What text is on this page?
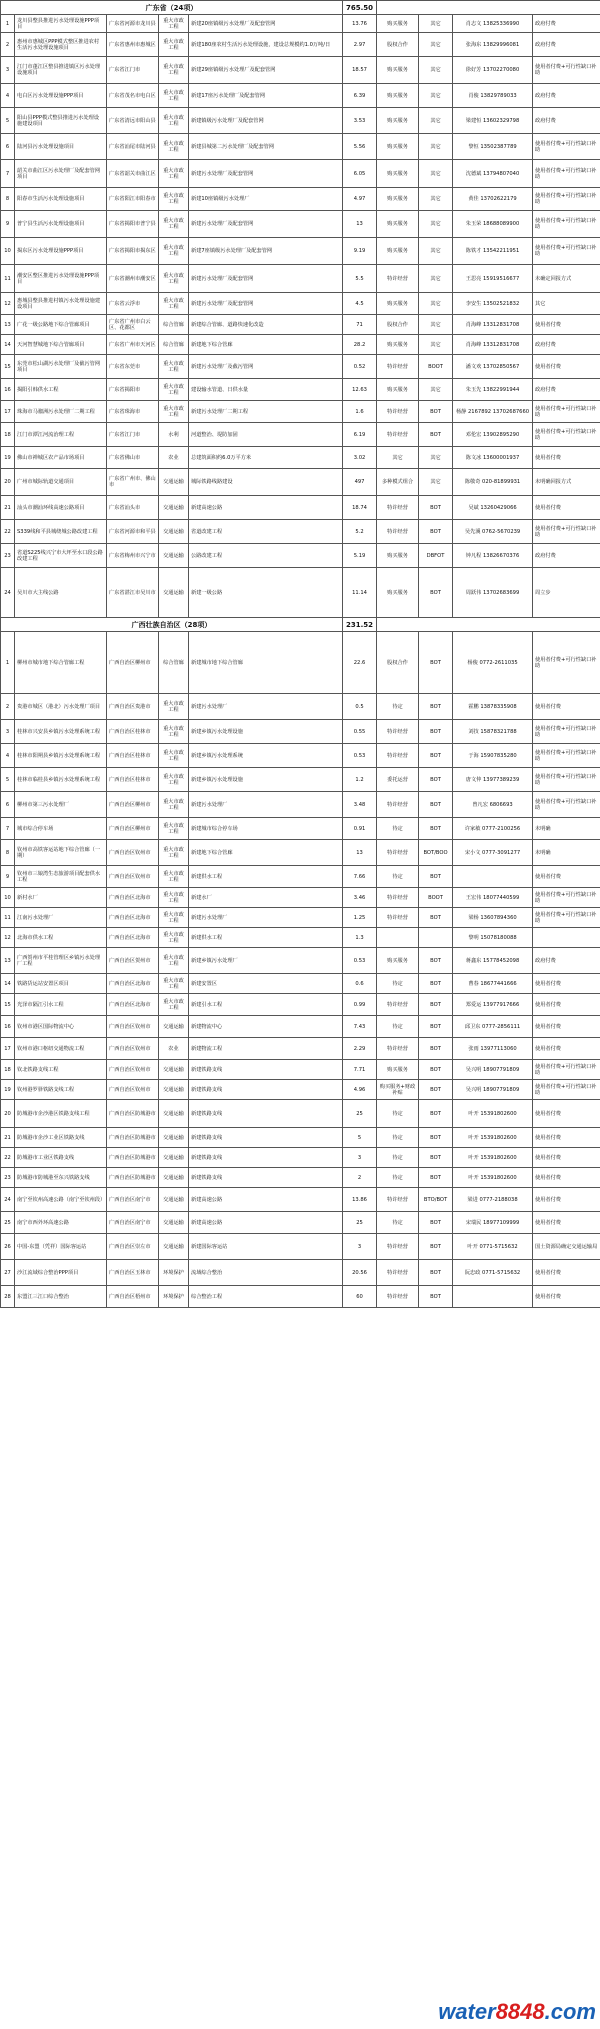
广东省（24项）					765.50				
1	龙川县整县推进污水处理设施PPP项目	广东省河源市龙川县	重大市政工程	新建20座镇级污水处理厂及配套管网	13.76	购买服务	其它	肖志文 13825336990	政府付费
2	惠州市惠城区PPP模式整区推进农村生活污水处理设施项目	广东省惠州市惠城区	重大市政工程	新建180座农村生活污水处理设施，建设总规模约1.0万吨/日	2.97	股权合作	其它	张海东 13829996081	政府付费
3	江门市蓬江区整县推进镇区污水处理设施项目	广东省江门市	重大市政工程	新建29座镇级污水处理厂及配套管网	18.57	购买服务	其它	徐好芳 13702270080	使用者付费+可行性缺口补助
4	电白区污水处理设施PPP项目	广东省茂名市电白区	重大市政工程	新建17座污水处理厂及配套管网	6.39	购买服务	其它	肖俊 13829789033	政府付费
5	阳山县PPP模式整县推进污水处理设施建设项目	广东省清远市阳山县	重大市政工程	新建镇级污水处理厂及配套管网	3.53	购买服务	其它	梁建恒 13602329798	政府付费
6	陆河县污水处理设施项目	广东省汕尾市陆河县	重大市政工程	新建县城第二污水处理厂及配套管网	5.56	购买服务	其它	黎恒 13502387789	使用者付费+可行性缺口补助
7	韶关市曲江区污水处理厂及配套管网项目	广东省韶关市曲江区	重大市政工程	新建污水处理厂及配套管网	6.05	购买服务	其它	沈德斌 13794807040	使用者付费+可行性缺口补助
8	阳春市生活污水处理设施项目	广东省阳江市阳春市	重大市政工程	新建10座镇级污水处理厂	4.97	购买服务	其它	黄佳 13702622179	使用者付费+可行性缺口补助
9	普宁县生活污水处理设施项目	广东省揭阳市普宁县	重大市政工程	新建污水处理厂及配套管网	13	购买服务	其它	朱玉荣 18688089900	使用者付费+可行性缺口补助
10	揭东区污水处理设施PPP项目	广东省揭阳市揭东区	重大市政工程	新建7座镇级污水处理厂及配套管网	9.19	购买服务	其它	陈铁才 13542211951	使用者付费+可行性缺口补助
11	潮安区整区推进污水处理设施PPP项目	广东省潮州市潮安区	重大市政工程	新建污水处理厂及配套管网	5.5	特许经营	其它	王思亮 15919516677	未确定回报方式
12	惠城县整县推进村镇污水处理设施建设项目	广东省云浮市	重大市政工程	新建污水处理厂及配套管网	4.5	购买服务	其它	李安生 13502521832	其它
13	广花一级公路地下综合管廊项目	广东省广州市白云区、花都区	综合管廊	新建综合管廊、道路快速化改造	71	股权合作	其它	肖海峰 13312831708	使用者付费
14	天河智慧城地下综合管廊项目	广东省广州市天河区	综合管廊	新建地下综合管廊	28.2	购买服务	其它	肖海峰 13312831708	政府付费
15	东莞市松山湖污水处理厂及截污管网项目	广东省东莞市	重大市政工程	新建污水处理厂及截污管网	0.52	特许经营	BOOT	潘文欢 13702850567	使用者付费
16	揭阳引韩供水工程	广东省揭阳市	重大市政工程	建设输水管道、日供水量	12.63	购买服务	其它	朱玉先 13822991944	政府付费
17	珠海市马骝洲污水处理厂二期工程	广东省珠海市	重大市政工程	新建污水处理厂二期工程	1.6	特许经营	BOT	杨静 2167892 13702687660	使用者付费+可行性缺口补助
18	江门市潭江河流治理工程	广东省江门市	水利	河道整治、堤防加固	6.19	特许经营	BOT	邓伦宏 13902895290	使用者付费+可行性缺口补助
19	佛山市禅城区农产品市场项目	广东省佛山市	农业	总建筑面积约6.0万平方米	3.02	其它	其它	陈文冰 13600001937	使用者付费
20	广州市城际轨道交通项目	广东省广州市、佛山市	交通运输	城际铁路线路建设	497	多种模式组合	其它	陈敬奇 020-81899931	未明确回报方式
21	汕头市潮汕环线高速公路项目	广东省汕头市	交通运输	新建高速公路	18.74	特许经营	BOT	吴斌 13260429066	使用者付费
22	S339线和平县城绕城公路改建工程	广东省河源市和平县	交通运输	省道改建工程	5.2	特许经营	BOT	吴先溪 0762-5670239	使用者付费+可行性缺口补助
23	省道S225线兴宁市大坪至水口段公路改建工程	广东省梅州市兴宁市	交通运输	公路改建工程	5.19	购买服务	DBFOT	钟凡程 13826670376	政府付费
24	吴川市大主线公路	广东省湛江市吴川市	交通运输	新建一级公路	11.14	购买服务	BOT	周跃伟 13702683699	周立步
广西壮族自治区（28项）					231.52				
1	柳州市城市地下综合管廊工程	广西自治区柳州市	综合管廊	新建城市地下综合管廊	22.6	股权合作	BOT	杨俊 0772-2611035	使用者付费+可行性缺口补助
2	贵港市城区（港北）污水处理厂项目	广西自治区贵港市	重大市政工程	新建污水处理厂	0.5	待定	BOT	霍鹏 13878335908	使用者付费
3	桂林市兴安县乡镇污水处理系统工程	广西自治区桂林市	重大市政工程	新建乡镇污水处理设施	0.55	特许经营	BOT	刘技 15878321788	使用者付费+可行性缺口补助
4	桂林市阳朔县乡镇污水处理系统工程	广西自治区桂林市	重大市政工程	新建乡镇污水处理系统	0.53	特许经营	BOT	于海 15907835280	使用者付费+可行性缺口补助
5	桂林市临桂县乡镇污水处理系统工程	广西自治区桂林市	重大市政工程	新建乡镇污水处理设施	1.2	委托运营	BOT	唐文仲 13977389239	使用者付费+可行性缺口补助
6	柳州市第三污水处理厂	广西自治区柳州市	重大市政工程	新建污水处理厂	3.48	特许经营	BOT	曾凡宏 6806693	使用者付费+可行性缺口补助
7	城市综合停车场	广西自治区柳州市	重大市政工程	新建城市综合停车场	0.91	待定	BOT	许家敏 0777-2100256	未明确
8	钦州市高铁客运站地下综合管廊（一期）	广西自治区钦州市	重大市政工程	新建地下综合管廊	13	特许经营	BOT/BOO	宋小文 0777-3091277	未明确
9	钦州市三娘湾生态旅游项目配套供水工程	广西自治区钦州市	重大市政工程	新建供水工程	7.66	待定	BOT		使用者付费
10	新村水厂	广西自治区北海市	重大市政工程	新建水厂	3.46	特许经营	BOOT	王宏伟 18077440599	使用者付费+可行性缺口补助
11	江南污水处理厂	广西自治区北海市	重大市政工程	新建污水处理厂	1.25	特许经营	BOT	梁杨 13607894360	使用者付费+可行性缺口补助
12	北海市供水工程	广西自治区北海市	重大市政工程	新建供水工程	1.3			黎明 15078180088	
13	广西贺州市平桂管理区乡镇污水处理厂工程	广西自治区贺州市	重大市政工程	新建乡镇污水处理厂	0.53	购买服务	BOT	蒋鑫东 15778452098	政府付费
14	铁路货运站安置区项目	广西自治区北海市	重大市政工程	新建安置区	0.6	待定	BOT	曹春 18677441666	使用者付费
15	光泽市隔江引水工程	广西自治区北海市	重大市政工程	新建引水工程	0.99	特许经营	BOT	郑爱运 13977917666	使用者付费
16	钦州市港区国际物流中心	广西自治区钦州市	交通运输	新建物流中心	7.43	待定	BOT	邱卫东 0777-2856111	使用者付费
17	钦州市港口枢纽交通物流工程	广西自治区钦州市	农业	新建物流工程	2.29	特许经营	BOT	张雨 13977113060	使用者付费
18	钦北铁路支线工程	广西自治区钦州市	交通运输	新建铁路支线	7.71	购买服务	BOT	吴兴明 18907791809	使用者付费+可行性缺口补助
19	钦州港罗驿铁路支线工程	广西自治区钦州市	交通运输	新建铁路支线	4.96	购买服务+财政补贴	BOT	吴兴明 18907791809	使用者付费+可行性缺口补助
20	防城港市企沙港区铁路支线工程	广西自治区防城港市	交通运输	新建铁路支线	25	待定	BOT	叶开 15391802600	使用者付费
21	防城港市企沙工业区铁路支线	广西自治区防城港市	交通运输	新建铁路支线	5	待定	BOT	叶开 15391802600	使用者付费
22	防城港市工业区铁路支线	广西自治区防城港市	交通运输	新建铁路支线	3	待定	BOT	叶开 15391802600	使用者付费
23	防城港市防城港至东兴铁路支线	广西自治区防城港市	交通运输	新建铁路支线	2	待定	BOT	叶开 15391802600	使用者付费
24	南宁至钦州高速公路（南宁至钦州段）	广西自治区南宁市	交通运输	新建高速公路	13.86	特许经营	BTO/BOT	梁进 0777-2188038	使用者付费
25	南宁市西外环高速公路	广西自治区南宁市	交通运输	新建高速公路	25	待定	BOT	宋瑞民 18977109999	使用者付费
26	中国-东盟（凭祥）国际客运站	广西自治区崇左市	交通运输	新建国际客运站	3	特许经营	BOT	叶开 0771-5715632	国土资源局确定交通运输局
27	沙江流域综合整治PPP项目	广西自治区玉林市	环境保护	流域综合整治	20.56	特许经营	BOT	阮忠政 0771-5715632	使用者付费
28	东盟江三江口综合整治	广西自治区梧州市	环境保护	综合整治工程	60	特许经营	BOT		使用者付费
water8848.com
